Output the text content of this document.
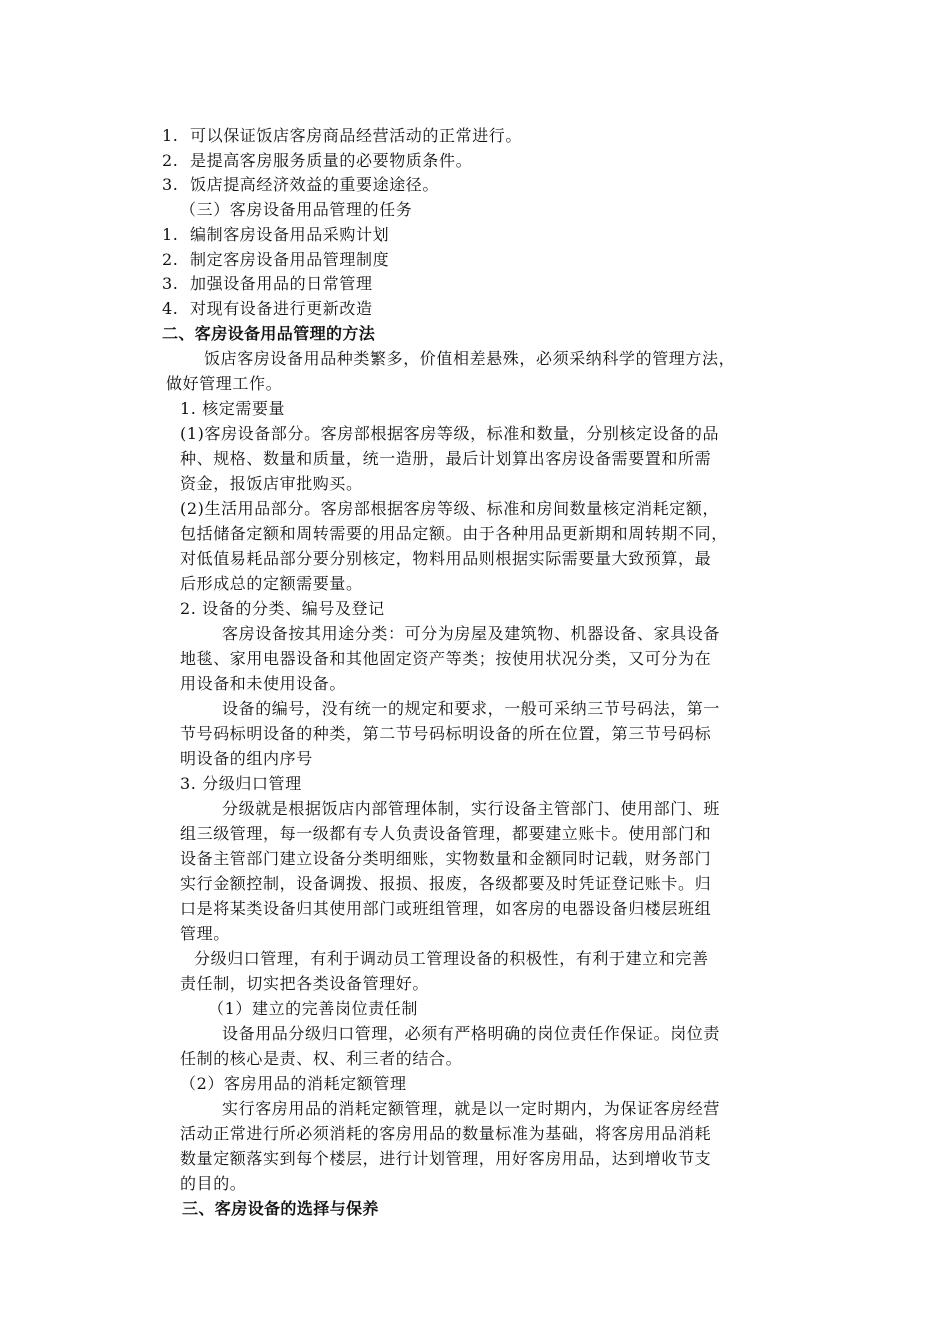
1. 可以保证饭店客房商品经营活动的正常进行。
2. 是提高客房服务质量的必要物质条件。
3. 饭店提高经济效益的重要途途径。
（三）客房设备用品管理的任务
1. 编制客房设备用品采购计划
2. 制定客房设备用品管理制度
3. 加强设备用品的日常管理
4. 对现有设备进行更新改造
二、客房设备用品管理的方法
饭店客房设备用品种类繁多，价值相差悬殊，必须采纳科学的管理方法，
做好管理工作。
1. 核定需要量
(1)客房设备部分。客房部根据客房等级，标准和数量，分别核定设备的品
种、规格、数量和质量，统一造册，最后计划算出客房设备需要置和所需
资金，报饭店审批购买。
(2)生活用品部分。客房部根据客房等级、标准和房间数量核定消耗定额，
包括储备定额和周转需要的用品定额。由于各种用品更新期和周转期不同，
对低值易耗品部分要分别核定，物料用品则根据实际需要量大致预算，最
后形成总的定额需要量。
2. 设备的分类、编号及登记
客房设备按其用途分类：可分为房屋及建筑物、机器设备、家具设备
地毯、家用电器设备和其他固定资产等类；按使用状况分类，又可分为在
用设备和未使用设备。
设备的编号，没有统一的规定和要求，一般可采纳三节号码法，第一
节号码标明设备的种类，第二节号码标明设备的所在位置，第三节号码标
明设备的组内序号
3. 分级归口管理
分级就是根据饭店内部管理体制，实行设备主管部门、使用部门、班
组三级管理，每一级都有专人负责设备管理，都要建立账卡。使用部门和
设备主管部门建立设备分类明细账，实物数量和金额同时记载，财务部门
实行金额控制，设备调拨、报损、报废，各级都要及时凭证登记账卡。归
口是将某类设备归其使用部门或班组管理，如客房的电器设备归楼层班组
管理。
分级归口管理，有利于调动员工管理设备的积极性，有利于建立和完善
责任制，切实把各类设备管理好。
（1）建立的完善岗位责任制
设备用品分级归口管理，必须有严格明确的岗位责任作保证。岗位责
任制的核心是责、权、利三者的结合。
（2）客房用品的消耗定额管理
实行客房用品的消耗定额管理，就是以一定时期内，为保证客房经营
活动正常进行所必须消耗的客房用品的数量标准为基础，将客房用品消耗
数量定额落实到每个楼层，进行计划管理，用好客房用品，达到增收节支
的目的。
三、客房设备的选择与保养
